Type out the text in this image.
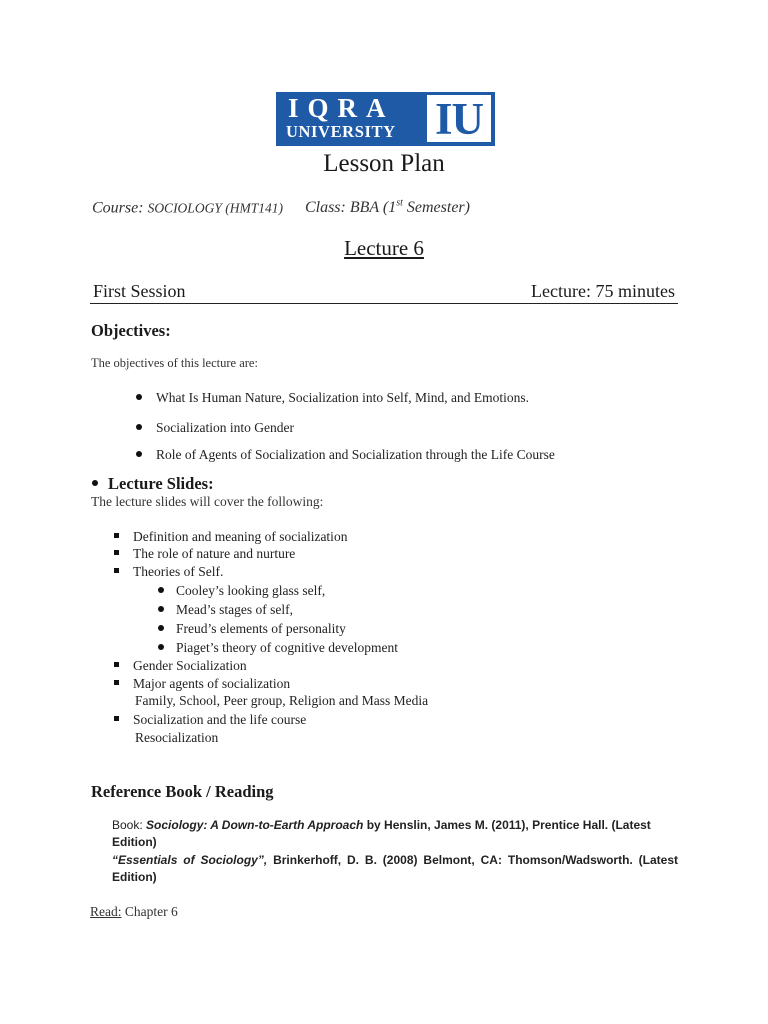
IQRA
UNIVERSITY IU
Lesson Plan
Course: SOCIOLOGY (HMT141) Class: BBA (1st Semester)
Lecture 6
First Session	Lecture: 75 minutes
Objectives:
The objectives of this lecture are:
What Is Human Nature, Socialization into Self, Mind, and Emotions.
Socialization into Gender
Role of Agents of Socialization and Socialization through the Life Course
Lecture Slides:
The lecture slides will cover the following:
Definition and meaning of socialization
The role of nature and nurture
Theories of Self.
Cooley’s looking glass self,
Mead’s stages of self,
Freud’s elements of personality
Piaget’s theory of cognitive development
Gender Socialization
Major agents of socialization
Family, School, Peer group, Religion and Mass Media
Socialization and the life course
Resocialization
Reference Book / Reading
Book: Sociology: A Down-to-Earth Approach by Henslin, James M. (2011), Prentice Hall. (Latest
Edition)
“Essentials of Sociology”, Brinkerhoff, D. B. (2008) Belmont, CA: Thomson/Wadsworth. (Latest
Edition)
Read: Chapter 6
